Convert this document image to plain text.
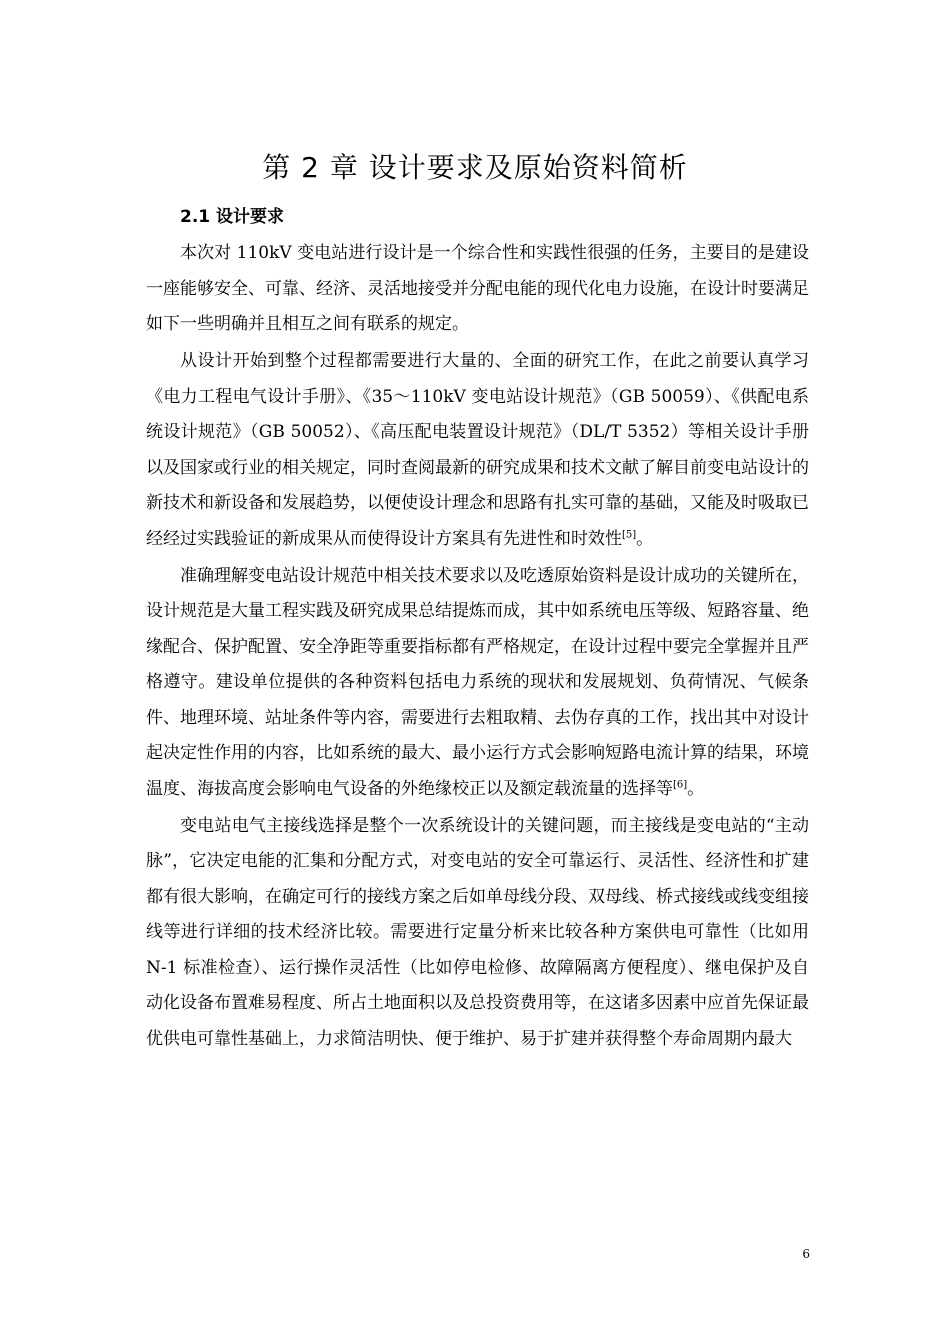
第 2 章 设计要求及原始资料简析
2.1 设计要求

本次对 110kV 变电站进行设计是一个综合性和实践性很强的任务，主要目的是建设一座能够安全、可靠、经济、灵活地接受并分配电能的现代化电力设施，在设计时要满足如下一些明确并且相互之间有联系的规定。

从设计开始到整个过程都需要进行大量的、全面的研究工作，在此之前要认真学习《电力工程电气设计手册》、《35～110kV 变电站设计规范》（GB 50059）、《供配电系统设计规范》（GB 50052）、《高压配电装置设计规范》（DL/T 5352）等相关设计手册以及国家或行业的相关规定，同时查阅最新的研究成果和技术文献了解目前变电站设计的新技术和新设备和发展趋势，以便使设计理念和思路有扎实可靠的基础，又能及时吸取已经经过实践验证的新成果从而使得设计方案具有先进性和时效性[5]。

准确理解变电站设计规范中相关技术要求以及吃透原始资料是设计成功的关键所在，设计规范是大量工程实践及研究成果总结提炼而成，其中如系统电压等级、短路容量、绝缘配合、保护配置、安全净距等重要指标都有严格规定，在设计过程中要完全掌握并且严格遵守。建设单位提供的各种资料包括电力系统的现状和发展规划、负荷情况、气候条件、地理环境、站址条件等内容，需要进行去粗取精、去伪存真的工作，找出其中对设计起决定性作用的内容，比如系统的最大、最小运行方式会影响短路电流计算的结果，环境温度、海拔高度会影响电气设备的外绝缘校正以及额定载流量的选择等[6]。

变电站电气主接线选择是整个一次系统设计的关键问题，而主接线是变电站的“主动脉”，它决定电能的汇集和分配方式，对变电站的安全可靠运行、灵活性、经济性和扩建都有很大影响，在确定可行的接线方案之后如单母线分段、双母线、桥式接线或线变组接线等进行详细的技术经济比较。需要进行定量分析来比较各种方案供电可靠性（比如用 N-1 标准检查）、运行操作灵活性（比如停电检修、故障隔离方便程度）、继电保护及自动化设备布置难易程度、所占土地面积以及总投资费用等，在这诸多因素中应首先保证最优供电可靠性基础上，力求简洁明快、便于维护、易于扩建并获得整个寿命周期内最大

6
